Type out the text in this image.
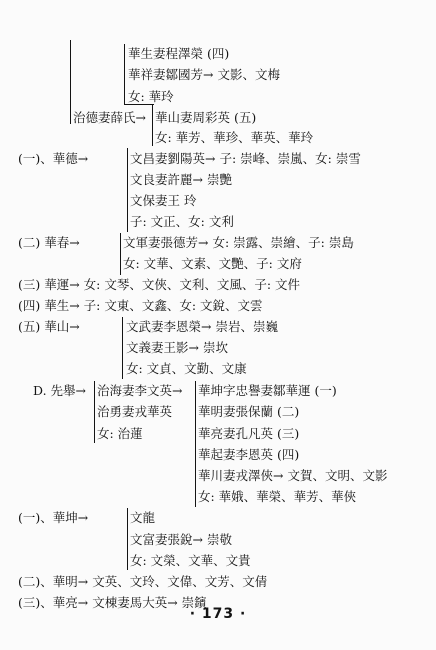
華生妻程澤榮 (四)
華祥妻鄒國芳→ 文影、文梅
女: 華玲
治德妻薛氏→ 華山妻周彩英 (五)
女: 華芳、華珍、華英、華玲
(一)、華德→	文昌妻劉陽英→ 子: 崇峰、崇嵐、女: 崇雪
文良妻許麗→ 崇艷
文保妻王 玲
子: 文正、女: 文利
(二) 華春→	文軍妻張德芳→ 女: 崇露、崇繪、子: 崇島
女: 文華、文素、文艷、子: 文府
(三) 華運→ 女: 文琴、文俠、文利、文風、子: 文件
(四) 華生→ 子: 文東、文鑫、女: 文銳、文雲
(五) 華山→	文武妻李恩榮→ 崇岩、崇巍
文義妻王影→ 崇坎
女: 文貞、文勤、文康
D. 先舉→ 治海妻李文英→
治勇妻戎華英
女: 治蓮
華坤字忠譽妻鄒華運 (一)
華明妻張保蘭 (二)
華亮妻孔凡英 (三)
華起妻李恩英 (四)
華川妻戎澤俠→ 文賀、文明、文影
女: 華娥、華榮、華芳、華俠
(一)、華坤→	文龍
文富妻張銳→ 崇敬
女: 文榮、文華、文貴
(二)、華明→ 文英、文玲、文偉、文芳、文倩
(三)、華亮→ 文棟妻馬大英→ 崇鑌
· 173 ·
